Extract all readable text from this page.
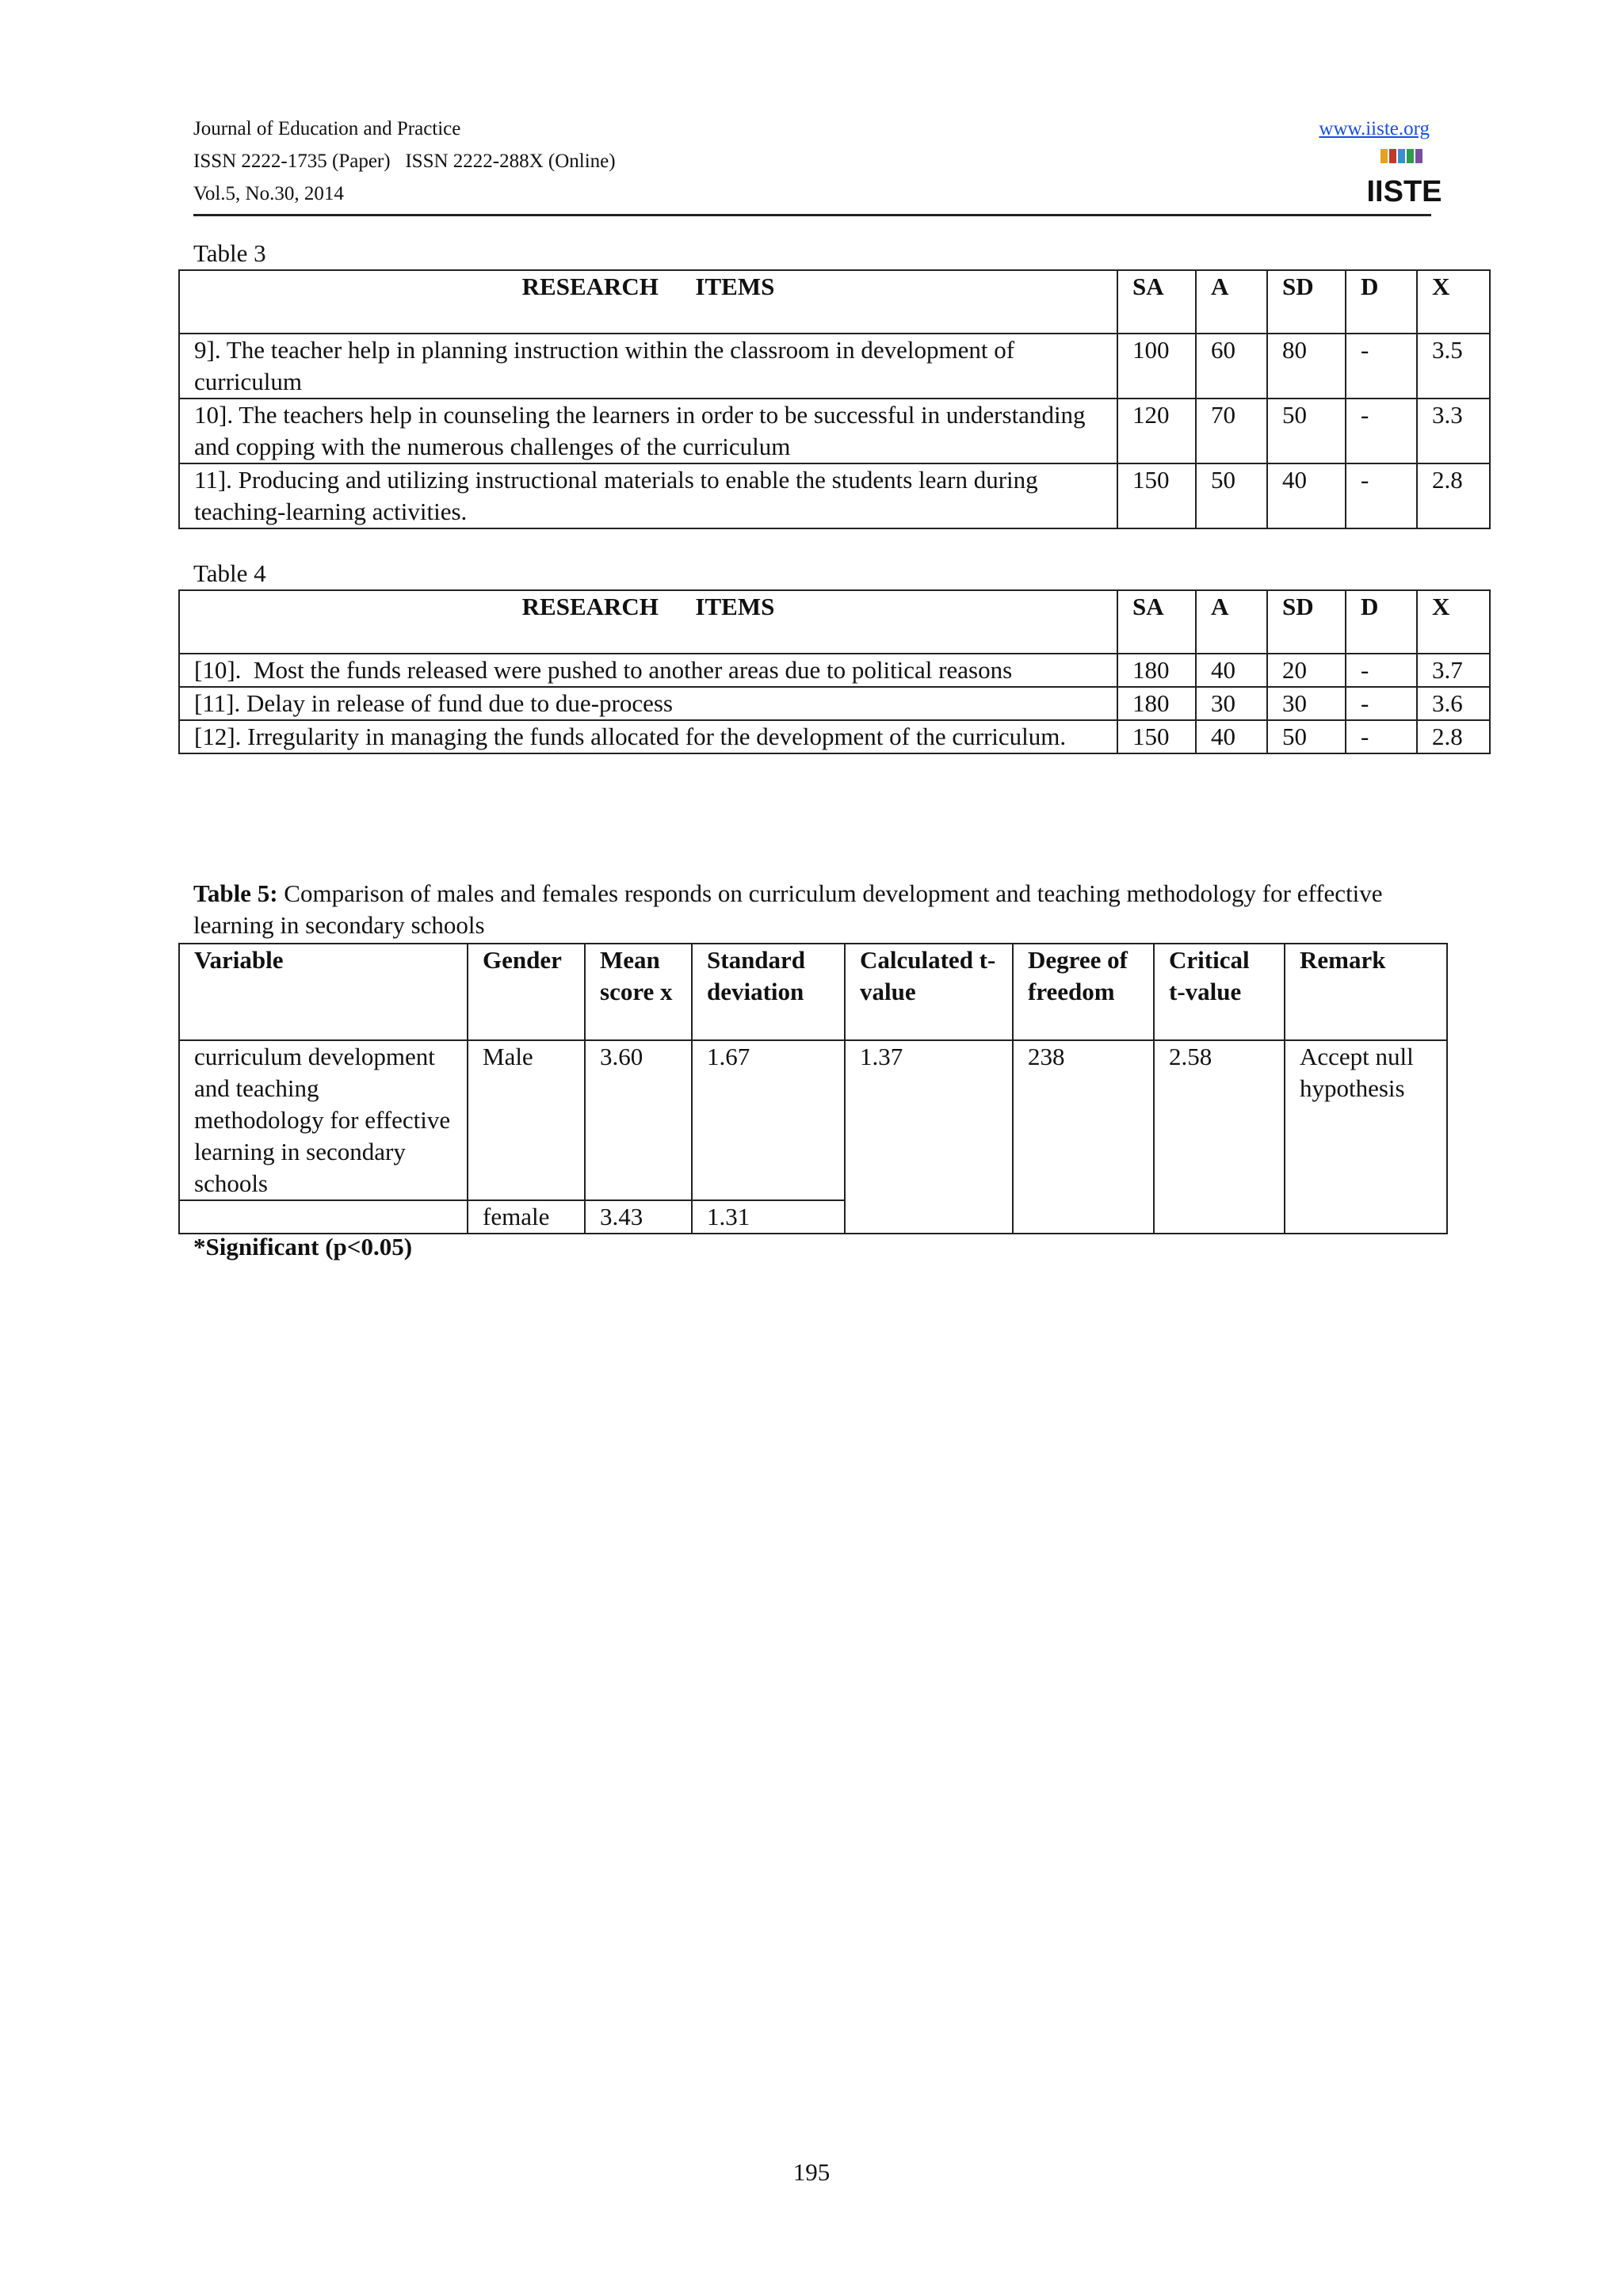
Journal of Education and Practice
ISSN 2222-1735 (Paper)   ISSN 2222-288X (Online)
Vol.5, No.30, 2014
www.iiste.org
IISTE
Table 3
RESEARCH      ITEMS	SA	A	SD	D	X
9]. The teacher help in planning instruction within the classroom in development of curriculum	100	60	80	-	3.5
10]. The teachers help in counseling the learners in order to be successful in understanding and copping with the numerous challenges of the curriculum	120	70	50	-	3.3
11]. Producing and utilizing instructional materials to enable the students learn during teaching-learning activities.	150	50	40	-	2.8
Table 4
RESEARCH      ITEMS	SA	A	SD	D	X
[10].  Most the funds released were pushed to another areas due to political reasons	180	40	20	-	3.7
[11]. Delay in release of fund due to due-process	180	30	30	-	3.6
[12]. Irregularity in managing the funds allocated for the development of the curriculum.	150	40	50	-	2.8
Table 5: Comparison of males and females responds on curriculum development and teaching methodology for effective learning in secondary schools
Variable	Gender	Mean score x	Standard deviation	Calculated t-value	Degree of freedom	Critical t-value	Remark
curriculum development and teaching methodology for effective learning in secondary schools	Male	3.60	1.67	1.37	238	2.58	Accept null hypothesis
	female	3.43	1.31				
*Significant (p<0.05)
195
